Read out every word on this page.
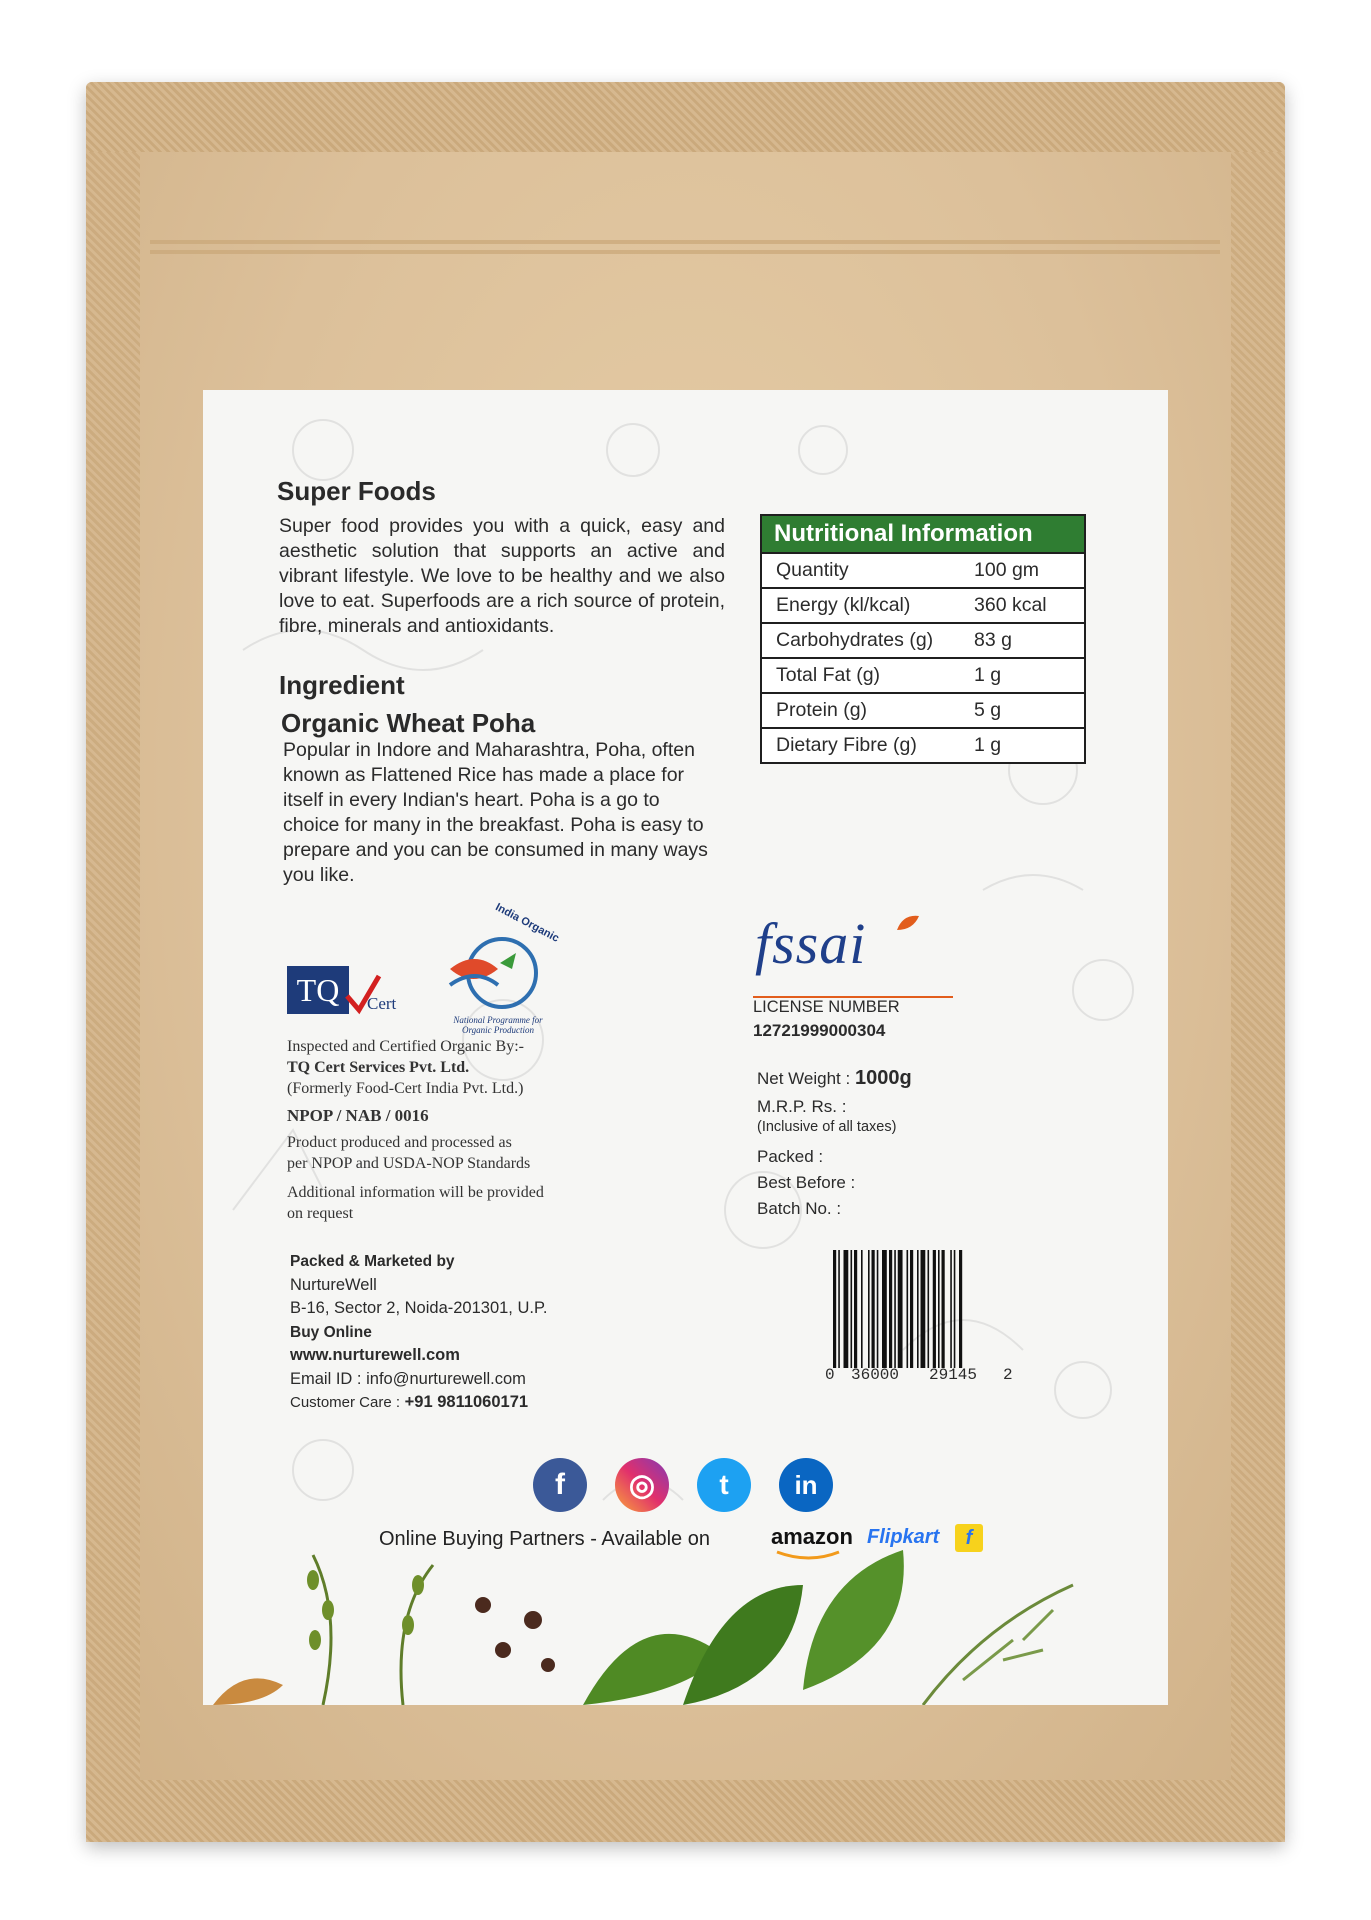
Super Foods
Super food provides you with a quick, easy and aesthetic solution that supports an active and vibrant lifestyle. We love to be healthy and we also love to eat. Superfoods are a rich source of protein, fibre, minerals and antioxidants.
Ingredient
Organic Wheat Poha
Popular in Indore and Maharashtra, Poha, often known as Flattened Rice has made a place for itself in every Indian's heart. Poha is a go to choice for many in the breakfast. Poha is easy to prepare and you can be consumed in many ways you like.
Nutritional Information
Quantity	100 gm
Energy (kl/kcal)	360 kcal
Carbohydrates (g)	83 g
Total Fat (g)	1 g
Protein (g)	5 g
Dietary Fibre (g)	1 g
TQ	Cert
India Organic
National Programme for
Organic Production
Inspected and Certified Organic By:-
TQ Cert Services Pvt. Ltd.
(Formerly Food-Cert India Pvt. Ltd.)
NPOP / NAB / 0016
Product produced and processed as
per NPOP and USDA-NOP Standards
Additional information will be provided
on request
Packed & Marketed by
NurtureWell
B-16, Sector 2, Noida-201301, U.P.
Buy Online
www.nurturewell.com
Email ID : info@nurturewell.com
Customer Care : +91 9811060171
fssai
LICENSE NUMBER
12721999000304
Net Weight : 1000g
M.R.P. Rs. :
(Inclusive of all taxes)
Packed :
Best Before :
Batch No. :
0 36000 29145 2
f	◎	t	in
Online Buying Partners - Available on	amazon Flipkart	f
